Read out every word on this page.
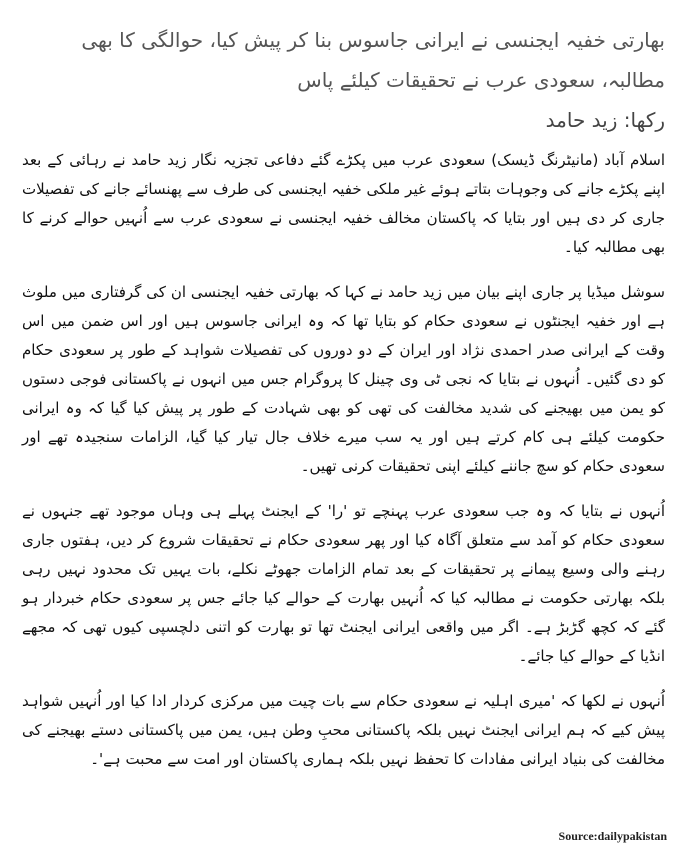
بھارتی خفیہ ایجنسی نے ایرانی جاسوس بنا کر پیش کیا، حوالگی کا بھی مطالبہ، سعودی عرب نے تحقیقات کیلئے پاس
رکھا: زید حامد

اسلام آباد (مانیٹرنگ ڈیسک) سعودی عرب میں پکڑے گئے دفاعی تجزیہ نگار زید حامد نے رہائی کے بعد اپنے پکڑے جانے کی وجوہات بتاتے ہوئے غیر ملکی خفیہ ایجنسی کی طرف سے پھنسائے جانے کی تفصیلات جاری کر دی ہیں اور بتایا کہ پاکستان مخالف خفیہ ایجنسی نے سعودی عرب سے اُنہیں حوالے کرنے کا بھی مطالبہ کیا۔

سوشل میڈیا پر جاری اپنے بیان میں زید حامد نے کہا کہ بھارتی خفیہ ایجنسی ان کی گرفتاری میں ملوث ہے اور خفیہ ایجنٹوں نے سعودی حکام کو بتایا تھا کہ وہ ایرانی جاسوس ہیں اور اس ضمن میں اس وقت کے ایرانی صدر احمدی نژاد اور ایران کے دو دوروں کی تفصیلات شواہد کے طور پر سعودی حکام کو دی گئیں۔ اُنہوں نے بتایا کہ نجی ٹی وی چینل کا پروگرام جس میں انہوں نے پاکستانی فوجی دستوں کو یمن میں بھیجنے کی شدید مخالفت کی تھی کو بھی شہادت کے طور پر پیش کیا گیا کہ وہ ایرانی حکومت کیلئے ہی کام کرتے ہیں اور یہ سب میرے خلاف جال تیار کیا گیا، الزامات سنجیدہ تھے اور سعودی حکام کو سچ جاننے کیلئے اپنی تحقیقات کرنی تھیں۔

اُنہوں نے بتایا کہ وہ جب سعودی عرب پہنچے تو 'را' کے ایجنٹ پہلے ہی وہاں موجود تھے جنہوں نے سعودی حکام کو آمد سے متعلق آگاہ کیا اور پھر سعودی حکام نے تحقیقات شروع کر دیں، ہفتوں جاری رہنے والی وسیع پیمانے پر تحقیقات کے بعد تمام الزامات جھوٹے نکلے، بات یہیں تک محدود نہیں رہی بلکہ بھارتی حکومت نے مطالبہ کیا کہ اُنہیں بھارت کے حوالے کیا جائے جس پر سعودی حکام خبردار ہو گئے کہ کچھ گڑبڑ ہے۔ اگر میں واقعی ایرانی ایجنٹ تھا تو بھارت کو اتنی دلچسپی کیوں تھی کہ مجھے انڈیا کے حوالے کیا جائے۔

اُنہوں نے لکھا کہ 'میری اہلیہ نے سعودی حکام سے بات چیت میں مرکزی کردار ادا کیا اور اُنہیں شواہد پیش کیے کہ ہم ایرانی ایجنٹ نہیں بلکہ پاکستانی محبِ وطن ہیں، یمن میں پاکستانی دستے بھیجنے کی مخالفت کی بنیاد ایرانی مفادات کا تحفظ نہیں بلکہ ہماری پاکستان اور امت سے محبت ہے'۔

Source:dailypakistan
